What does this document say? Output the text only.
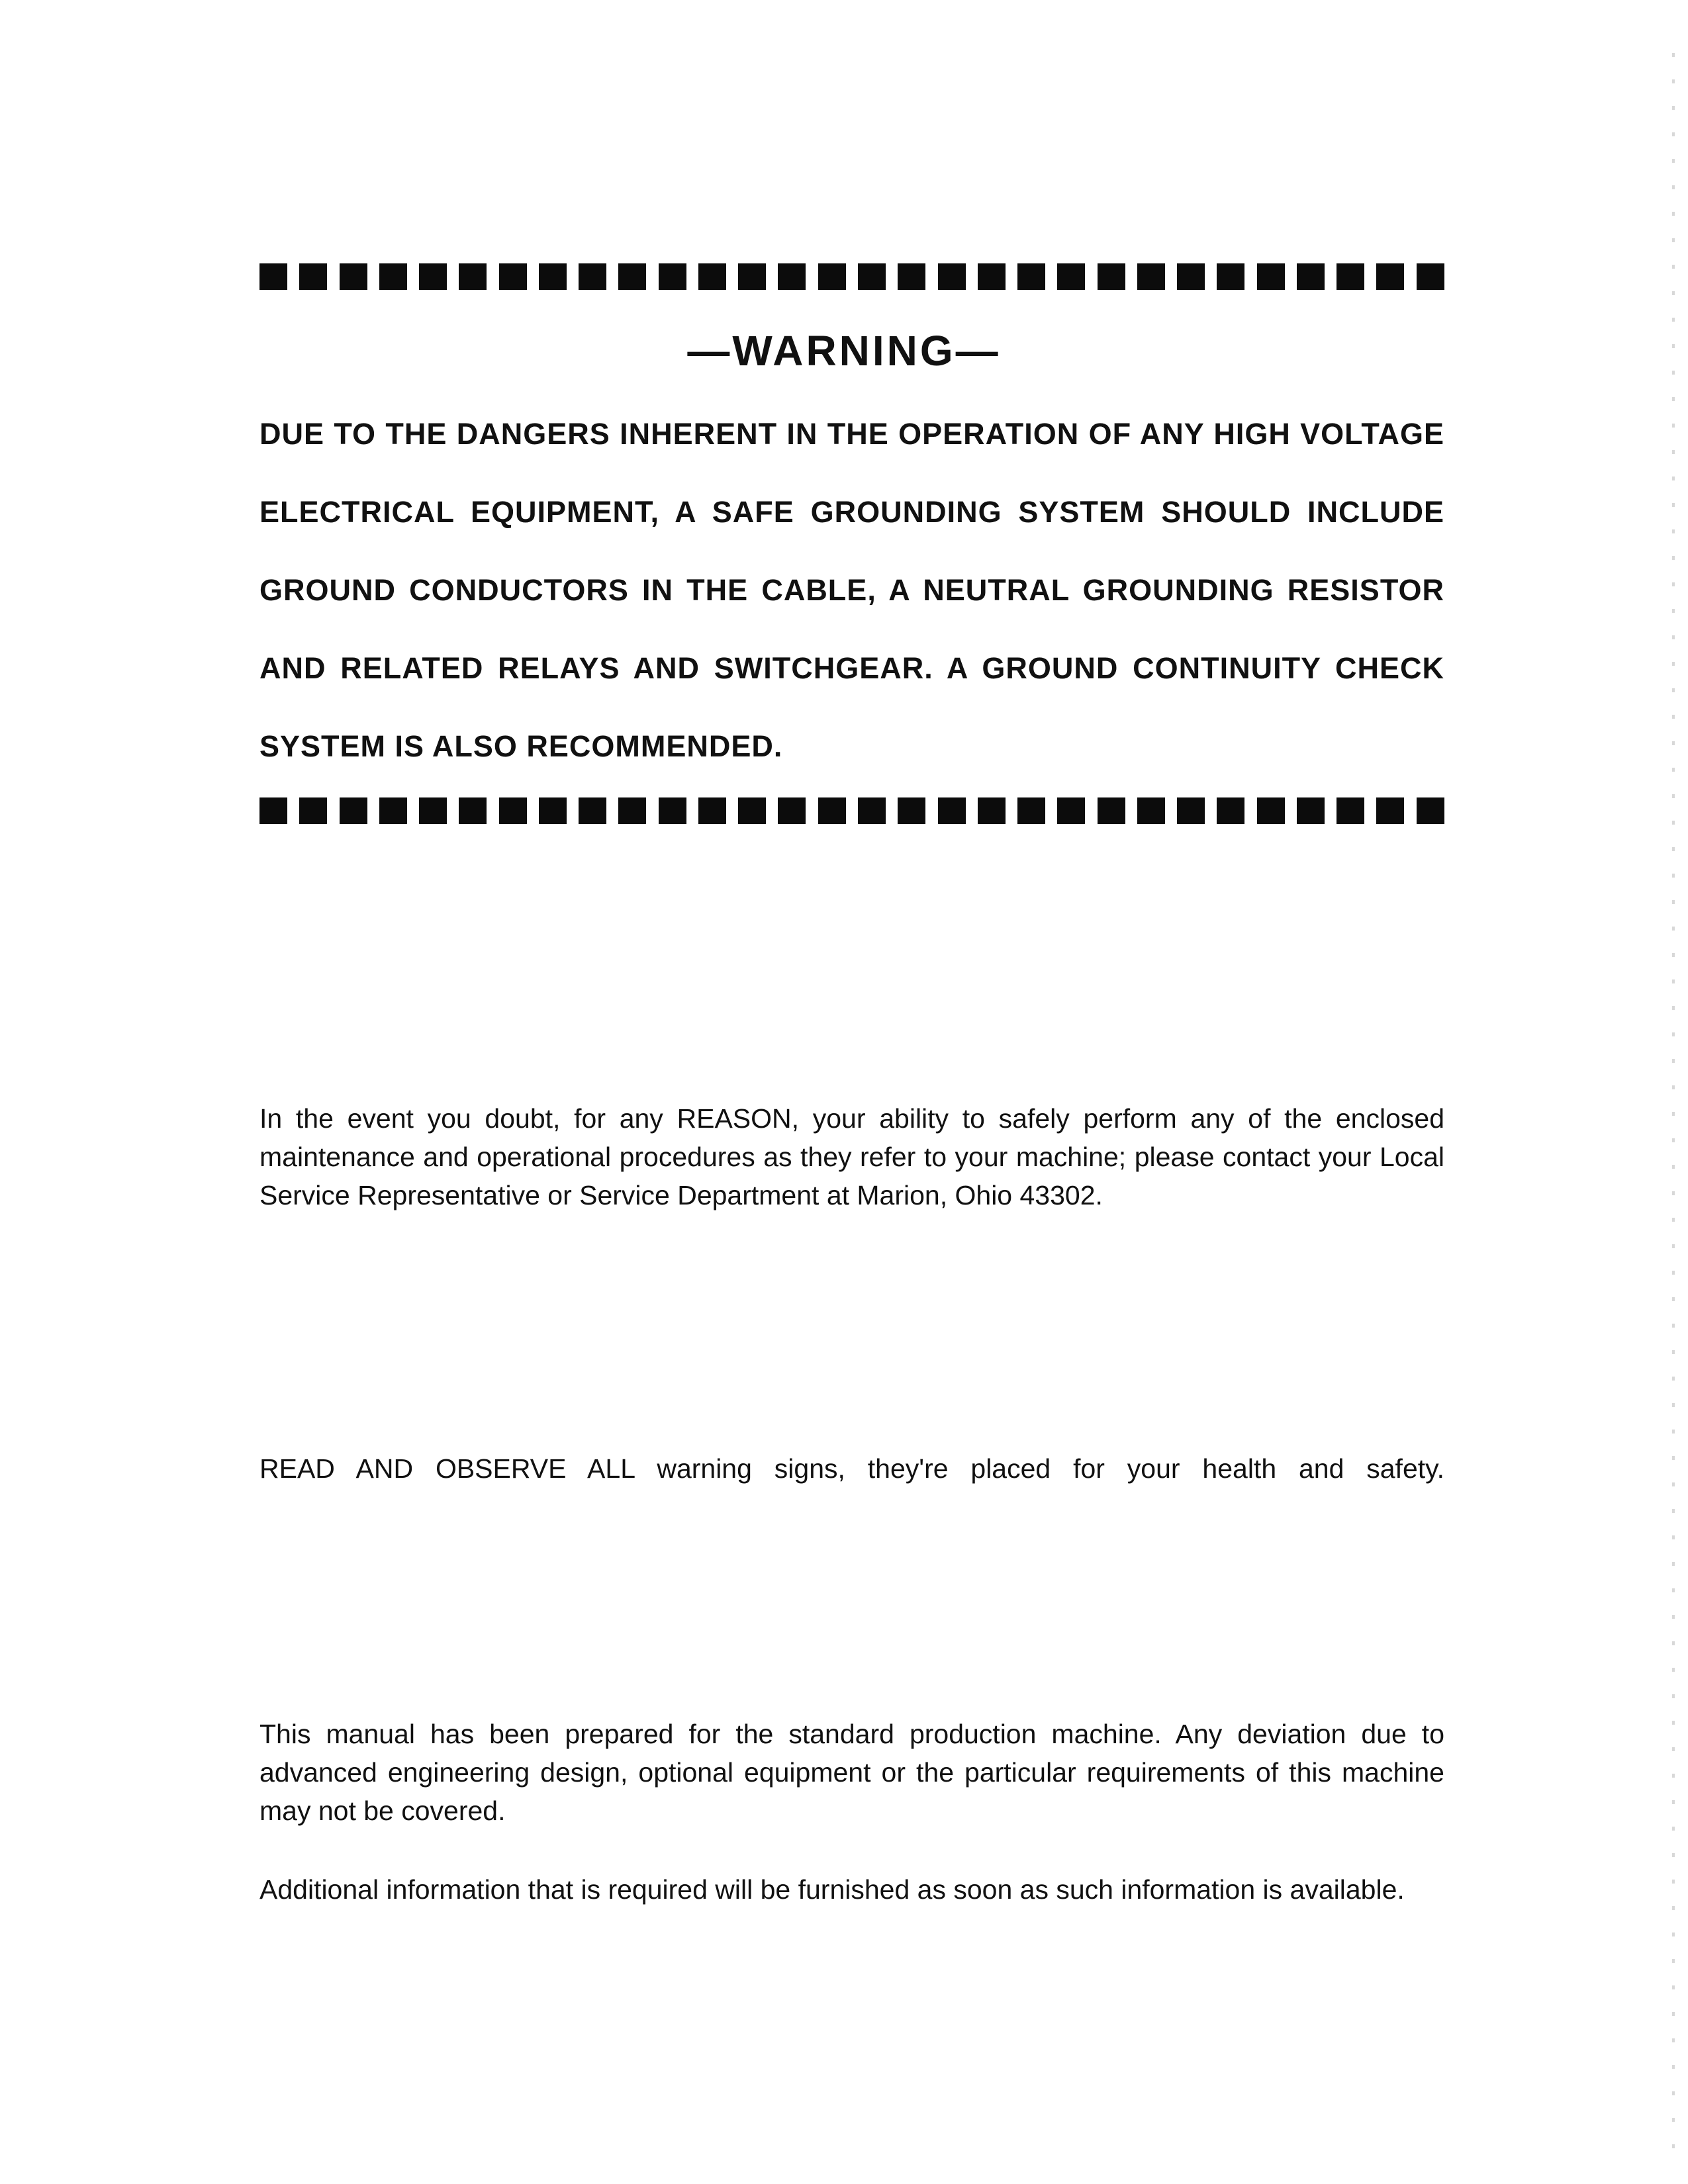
—WARNING—
DUE TO THE DANGERS INHERENT IN THE OPERATION OF ANY HIGH VOLTAGE
ELECTRICAL EQUIPMENT, A SAFE GROUNDING SYSTEM SHOULD INCLUDE
GROUND CONDUCTORS IN THE CABLE, A NEUTRAL GROUNDING RESISTOR
AND RELATED RELAYS AND SWITCHGEAR. A GROUND CONTINUITY CHECK
SYSTEM IS ALSO RECOMMENDED.

In the event you doubt, for any REASON, your ability to safely perform any of the enclosed maintenance and operational procedures as they refer to your machine; please contact your Local Service Representative or Service Department at Marion, Ohio 43302.

READ AND OBSERVE ALL warning signs, they're placed for your health and safety.

This manual has been prepared for the standard production machine. Any deviation due to advanced engineering design, optional equipment or the particular requirements of this machine may not be covered.

Additional information that is required will be furnished as soon as such information is available.
